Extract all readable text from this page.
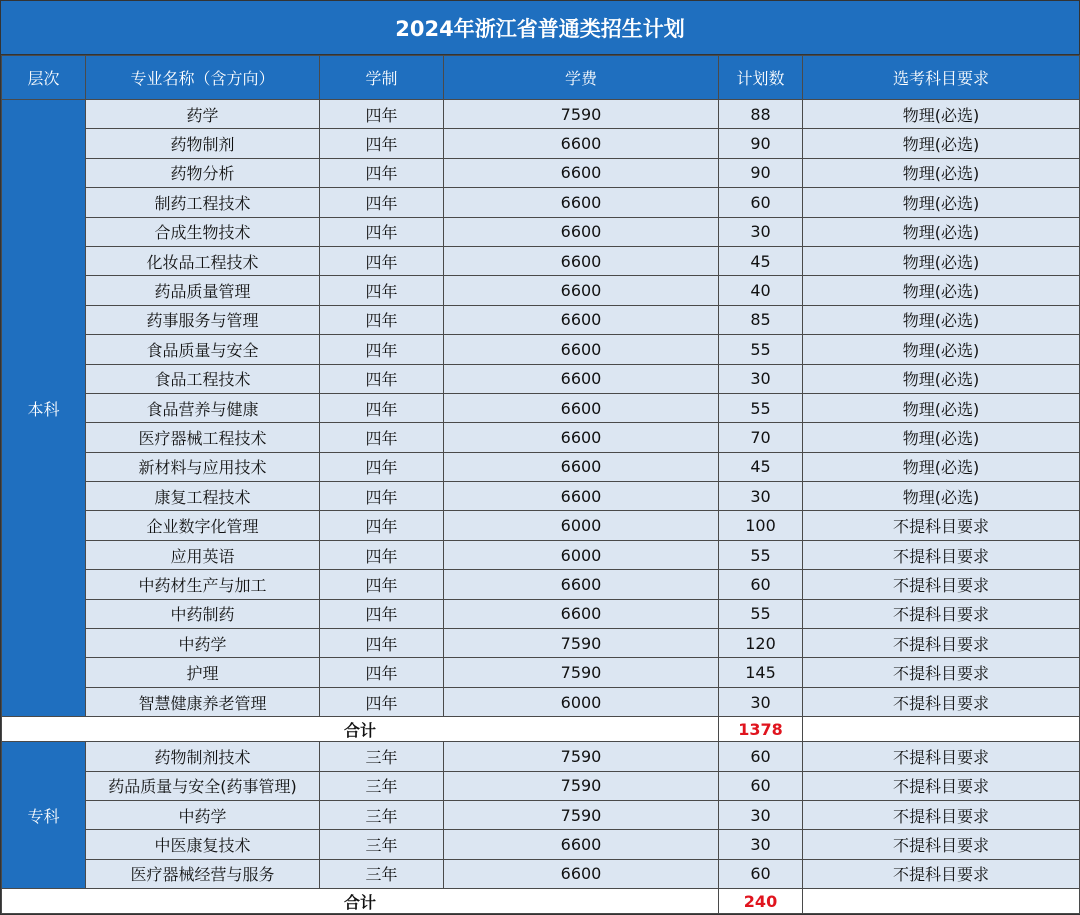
2024年浙江省普通类招生计划
层次	专业名称（含方向）	学制	学费	计划数	选考科目要求
本科	药学	四年	7590	88	物理(必选)
	药物制剂	四年	6600	90	物理(必选)
	药物分析	四年	6600	90	物理(必选)
	制药工程技术	四年	6600	60	物理(必选)
	合成生物技术	四年	6600	30	物理(必选)
	化妆品工程技术	四年	6600	45	物理(必选)
	药品质量管理	四年	6600	40	物理(必选)
	药事服务与管理	四年	6600	85	物理(必选)
	食品质量与安全	四年	6600	55	物理(必选)
	食品工程技术	四年	6600	30	物理(必选)
	食品营养与健康	四年	6600	55	物理(必选)
	医疗器械工程技术	四年	6600	70	物理(必选)
	新材料与应用技术	四年	6600	45	物理(必选)
	康复工程技术	四年	6600	30	物理(必选)
	企业数字化管理	四年	6000	100	不提科目要求
	应用英语	四年	6000	55	不提科目要求
	中药材生产与加工	四年	6600	60	不提科目要求
	中药制药	四年	6600	55	不提科目要求
	中药学	四年	7590	120	不提科目要求
	护理	四年	7590	145	不提科目要求
	智慧健康养老管理	四年	6000	30	不提科目要求
合计				1378	
专科	药物制剂技术	三年	7590	60	不提科目要求
	药品质量与安全(药事管理)	三年	7590	60	不提科目要求
	中药学	三年	7590	30	不提科目要求
	中医康复技术	三年	6600	30	不提科目要求
	医疗器械经营与服务	三年	6600	60	不提科目要求
合计				240	
